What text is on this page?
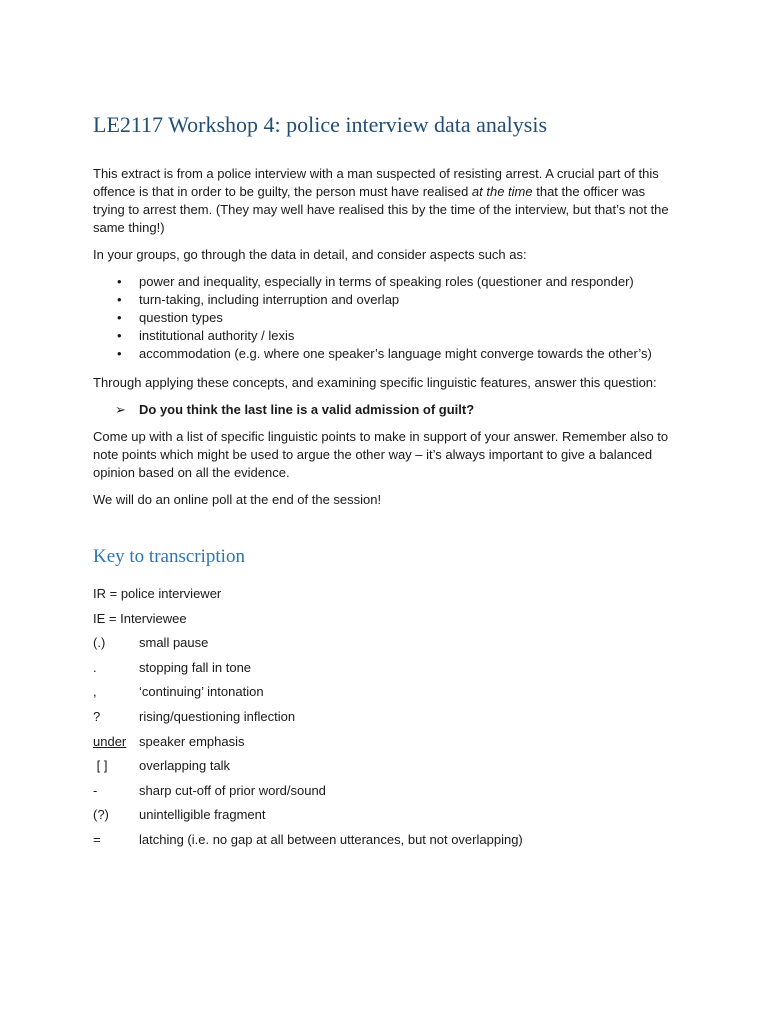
LE2117 Workshop 4: police interview data analysis

This extract is from a police interview with a man suspected of resisting arrest. A crucial part of this offence is that in order to be guilty, the person must have realised at the time that the officer was trying to arrest them. (They may well have realised this by the time of the interview, but that’s not the same thing!)

In your groups, go through the data in detail, and consider aspects such as:

• power and inequality, especially in terms of speaking roles (questioner and responder)
• turn-taking, including interruption and overlap
• question types
• institutional authority / lexis
• accommodation (e.g. where one speaker’s language might converge towards the other’s)

Through applying these concepts, and examining specific linguistic features, answer this question:

➢ Do you think the last line is a valid admission of guilt?

Come up with a list of specific linguistic points to make in support of your answer. Remember also to note points which might be used to argue the other way – it’s always important to give a balanced opinion based on all the evidence.

We will do an online poll at the end of the session!

Key to transcription
IR = police interviewer
IE = Interviewee
(.)	small pause
.	stopping fall in tone
,	‘continuing’ intonation
?	rising/questioning inflection
under speaker emphasis
[ ] overlapping talk
-	sharp cut-off of prior word/sound
(?) unintelligible fragment
=	latching (i.e. no gap at all between utterances, but not overlapping)
